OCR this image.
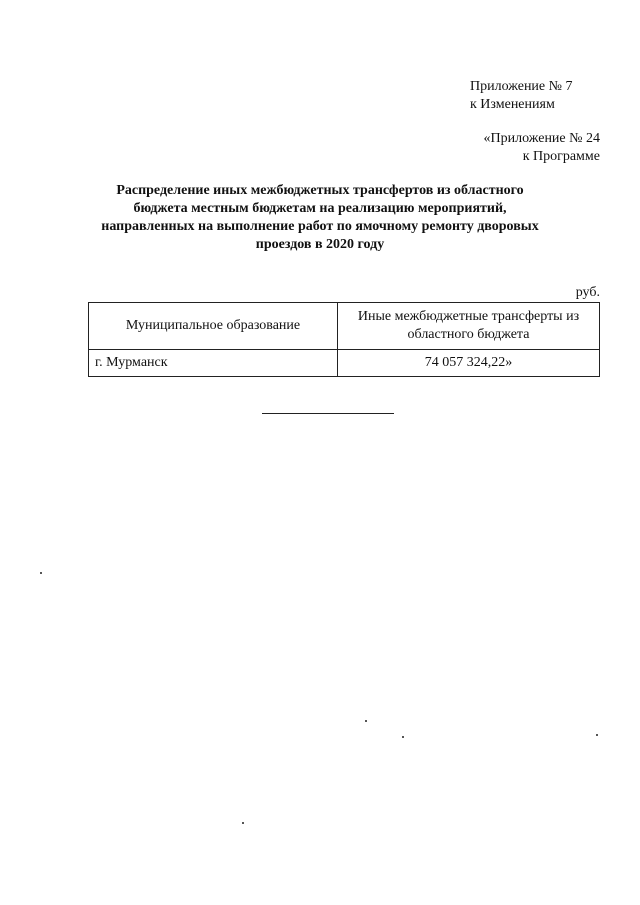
Приложение № 7
к Изменениям
«Приложение № 24
к Программе
Распределение иных межбюджетных трансфертов из областного бюджета местным бюджетам на реализацию мероприятий, направленных на выполнение работ по ямочному ремонту дворовых проездов в 2020 году
руб.
Муниципальное образование	Иные межбюджетные трансферты из областного бюджета
г. Мурманск	74 057 324,22»
